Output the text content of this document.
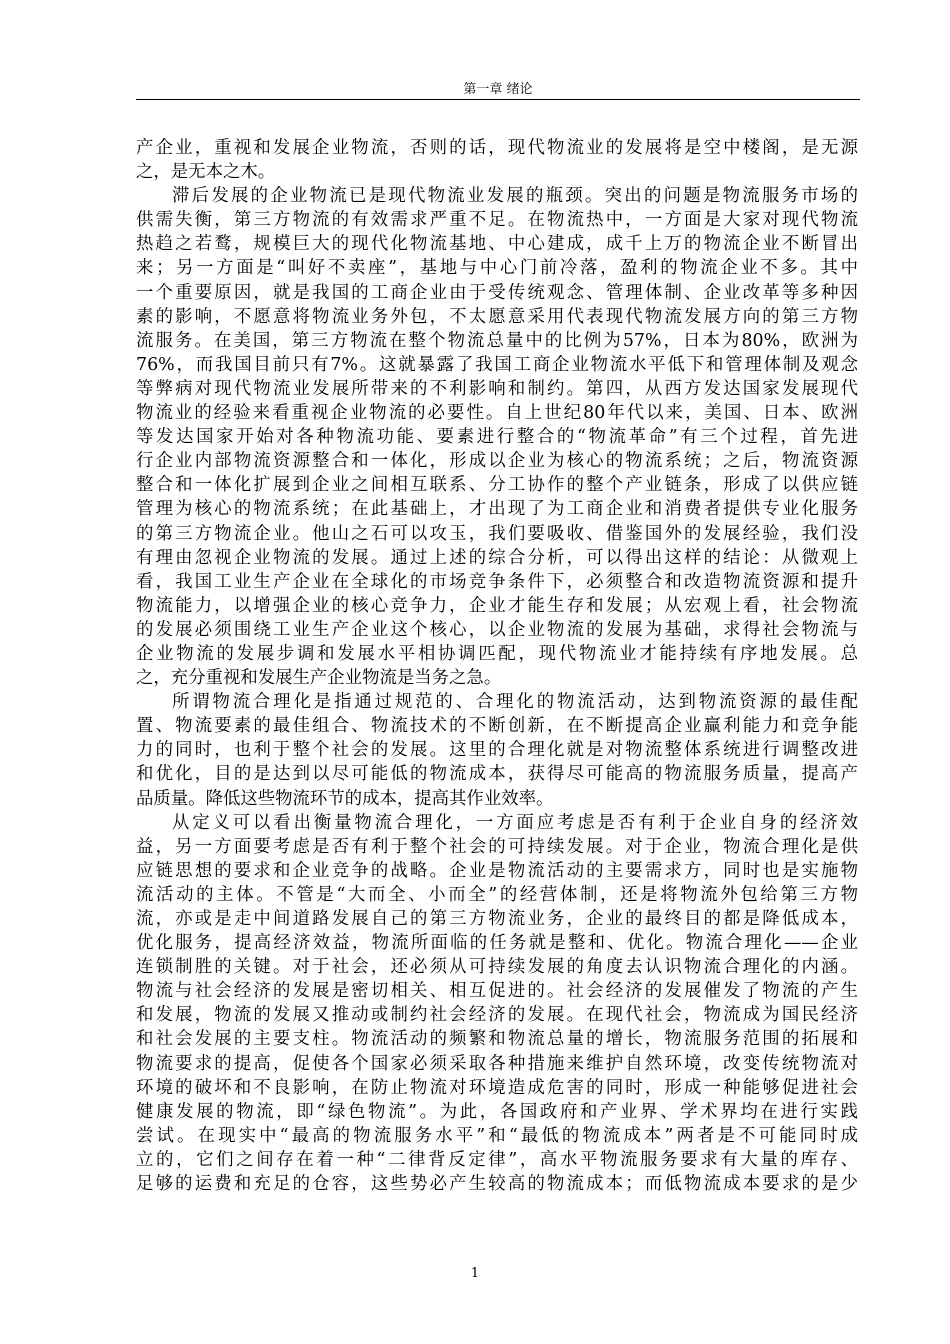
第一章 绪论
产企业，重视和发展企业物流，否则的话，现代物流业的发展将是空中楼阁，是无源
之，是无本之木。
滞后发展的企业物流已是现代物流业发展的瓶颈。突出的问题是物流服务市场的
供需失衡，第三方物流的有效需求严重不足。在物流热中，一方面是大家对现代物流
热趋之若鹜，规模巨大的现代化物流基地、中心建成，成千上万的物流企业不断冒出
来；另一方面是“叫好不卖座”，基地与中心门前冷落，盈利的物流企业不多。其中
一个重要原因，就是我国的工商企业由于受传统观念、管理体制、企业改革等多种因
素的影响，不愿意将物流业务外包，不太愿意采用代表现代物流发展方向的第三方物
流服务。在美国，第三方物流在整个物流总量中的比例为57%，日本为80%，欧洲为
76%，而我国目前只有7%。这就暴露了我国工商企业物流水平低下和管理体制及观念
等弊病对现代物流业发展所带来的不利影响和制约。第四，从西方发达国家发展现代
物流业的经验来看重视企业物流的必要性。自上世纪80年代以来，美国、日本、欧洲
等发达国家开始对各种物流功能、要素进行整合的“物流革命”有三个过程，首先进
行企业内部物流资源整合和一体化，形成以企业为核心的物流系统；之后，物流资源
整合和一体化扩展到企业之间相互联系、分工协作的整个产业链条，形成了以供应链
管理为核心的物流系统；在此基础上，才出现了为工商企业和消费者提供专业化服务
的第三方物流企业。他山之石可以攻玉，我们要吸收、借鉴国外的发展经验，我们没
有理由忽视企业物流的发展。通过上述的综合分析，可以得出这样的结论：从微观上
看，我国工业生产企业在全球化的市场竞争条件下，必须整合和改造物流资源和提升
物流能力，以增强企业的核心竞争力，企业才能生存和发展；从宏观上看，社会物流
的发展必须围绕工业生产企业这个核心，以企业物流的发展为基础，求得社会物流与
企业物流的发展步调和发展水平相协调匹配，现代物流业才能持续有序地发展。总
之，充分重视和发展生产企业物流是当务之急。
所谓物流合理化是指通过规范的、合理化的物流活动，达到物流资源的最佳配
置、物流要素的最佳组合、物流技术的不断创新，在不断提高企业赢利能力和竞争能
力的同时，也利于整个社会的发展。这里的合理化就是对物流整体系统进行调整改进
和优化，目的是达到以尽可能低的物流成本，获得尽可能高的物流服务质量，提高产
品质量。降低这些物流环节的成本，提高其作业效率。
从定义可以看出衡量物流合理化，一方面应考虑是否有利于企业自身的经济效
益，另一方面要考虑是否有利于整个社会的可持续发展。对于企业，物流合理化是供
应链思想的要求和企业竞争的战略。企业是物流活动的主要需求方，同时也是实施物
流活动的主体。不管是“大而全、小而全”的经营体制，还是将物流外包给第三方物
流，亦或是走中间道路发展自己的第三方物流业务，企业的最终目的都是降低成本，
优化服务，提高经济效益，物流所面临的任务就是整和、优化。物流合理化——企业
连锁制胜的关键。对于社会，还必须从可持续发展的角度去认识物流合理化的内涵。
物流与社会经济的发展是密切相关、相互促进的。社会经济的发展催发了物流的产生
和发展，物流的发展又推动或制约社会经济的发展。在现代社会，物流成为国民经济
和社会发展的主要支柱。物流活动的频繁和物流总量的增长，物流服务范围的拓展和
物流要求的提高，促使各个国家必须采取各种措施来维护自然环境，改变传统物流对
环境的破坏和不良影响，在防止物流对环境造成危害的同时，形成一种能够促进社会
健康发展的物流，即“绿色物流”。为此，各国政府和产业界、学术界均在进行实践
尝试。在现实中“最高的物流服务水平”和“最低的物流成本”两者是不可能同时成
立的，它们之间存在着一种“二律背反定律”，高水平物流服务要求有大量的库存、
足够的运费和充足的仓容，这些势必产生较高的物流成本；而低物流成本要求的是少
1
